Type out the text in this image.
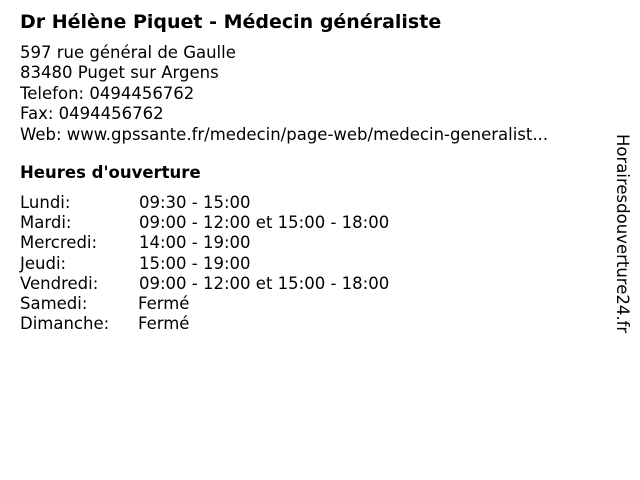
Dr Hélène Piquet - Médecin généraliste
597 rue général de Gaulle
83480 Puget sur Argens
Telefon: 0494456762
Fax: 0494456762
Web: www.gpssante.fr/medecin/page-web/medecin-generalist...
Heures d'ouverture
Lundi:	09:30 - 15:00
Mardi:	09:00 - 12:00 et 15:00 - 18:00
Mercredi:	14:00 - 19:00
Jeudi:	15:00 - 19:00
Vendredi: 09:00 - 12:00 et 15:00 - 18:00
Samedi:	Fermé
Dimanche: Fermé	Horairesdouverture24.fr
